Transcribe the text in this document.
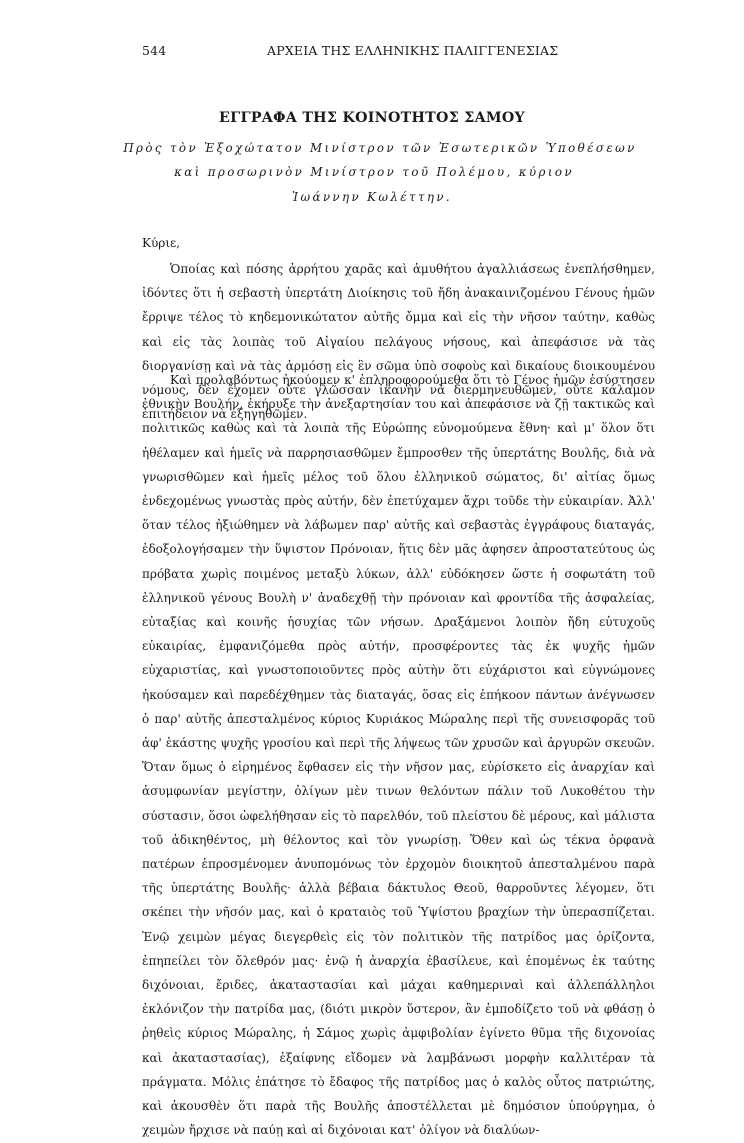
544	ΑΡΧΕΙΑ ΤΗΣ ΕΛΛΗΝΙΚΗΣ ΠΑΛΙΓΓΕΝΕΣΙΑΣ
ΕΓΓΡΑΦΑ ΤΗΣ ΚΟΙΝΟΤΗΤΟΣ ΣΑΜΟΥ
Πρὸς τὸν Ἐξοχώτατον Μινίστρον τῶν Ἐσωτερικῶν Ὑποθέσεων
καὶ προσωρινὸν Μινίστρον τοῦ Πολέμου, κύριον
Ἰωάννην Κωλέττην.
Κύριε,

Ὁποίας καὶ πόσης ἀρρήτου χαρᾶς καὶ ἀμυθήτου ἀγαλλιάσεως ἐνεπλήσθημεν, ἰδόντες ὅτι ἡ σεβαστὴ ὑπερτάτη Διοίκησις τοῦ ἤδη ἀνακαινιζομένου Γένους ἡμῶν ἔρριψε τέλος τὸ κηδεμονικώτατον αὐτῆς ὄμμα καὶ εἰς τὴν νῆσον ταύτην, καθὼς καὶ εἰς τὰς λοιπὰς τοῦ Αἰγαίου πελάγους νήσους, καὶ ἀπεφάσισε νὰ τὰς διοργανίσῃ καὶ νὰ τὰς ἁρμόσῃ εἰς ἓν σῶμα ὑπὸ σοφοὺς καὶ δικαίους διοικουμένου νόμους, δὲν ἔχομεν οὔτε γλῶσσαν ἱκανὴν νὰ διερμηνευθῶμεν, οὔτε κάλαμον ἐπιτήδειον νὰ ἐξηγηθῶμεν.

Καὶ προλαβόντως ἠκούομεν κ' ἐπληροφορούμεθα ὅτι τὸ Γένος ἡμῶν ἐσύστησεν ἐθνικὴν Βουλήν, ἐκήρυξε τὴν ἀνεξαρτησίαν του καὶ ἀπεφάσισε νὰ ζῇ τακτικῶς καὶ πολιτικῶς καθὼς καὶ τὰ λοιπὰ τῆς Εὐρώπης εὐνομούμενα ἔθνη· καὶ μ' ὅλον ὅτι ἠθέλαμεν καὶ ἡμεῖς νὰ παρρησιασθῶμεν ἔμπροσθεν τῆς ὑπερτάτης Βουλῆς, διὰ νὰ γνωρισθῶμεν καὶ ἡμεῖς μέλος τοῦ ὅλου ἑλληνικοῦ σώματος, δι' αἰτίας ὅμως ἐνδεχομένως γνωστὰς πρὸς αὐτήν, δὲν ἐπετύχαμεν ἄχρι τοῦδε τὴν εὐκαιρίαν. Ἀλλ' ὅταν τέλος ἠξιώθημεν νὰ λάβωμεν παρ' αὐτῆς καὶ σεβαστὰς ἐγγράφους διαταγάς, ἐδοξολογήσαμεν τὴν ὕψιστον Πρόνοιαν, ἥτις δὲν μᾶς ἀφησεν ἀπροστατεύτους ὡς πρόβατα χωρὶς ποιμένος μεταξὺ λύκων, ἀλλ' εὐδόκησεν ὥστε ἡ σοφωτάτη τοῦ ἑλληνικοῦ γένους Βουλὴ ν' ἀναδεχθῇ τὴν πρόνοιαν καὶ φροντίδα τῆς ἀσφαλείας, εὐταξίας καὶ κοινῆς ἡσυχίας τῶν νήσων. Δραξάμενοι λοιπὸν ἤδη εὐτυχοῦς εὐκαιρίας, ἐμφανιζόμεθα πρὸς αὐτήν, προσφέροντες τὰς ἐκ ψυχῆς ἡμῶν εὐχαριστίας, καὶ γνωστοποιοῦντες πρὸς αὐτὴν ὅτι εὐχάριστοι καὶ εὐγνώμονες ἠκούσαμεν καὶ παρεδέχθημεν τὰς διαταγάς, ὅσας εἰς ἐπήκοον πάντων ἀνέγνωσεν ὁ παρ' αὐτῆς ἀπεσταλμένος κύριος Κυριάκος Μώραλης περὶ τῆς συνεισφορᾶς τοῦ ἀφ' ἑκάστης ψυχῆς γροσίου καὶ περὶ τῆς λήψεως τῶν χρυσῶν καὶ ἀργυρῶν σκευῶν. Ὅταν ὅμως ὁ εἰρημένος ἔφθασεν εἰς τὴν νῆσον μας, εὑρίσκετο εἰς ἀναρχίαν καὶ ἀσυμφωνίαν μεγίστην, ὀλίγων μὲν τινων θελόντων πάλιν τοῦ Λυκοθέτου τὴν σύστασιν, ὅσοι ὠφελήθησαν εἰς τὸ παρελθόν, τοῦ πλείστου δὲ μέρους, καὶ μάλιστα τοῦ ἀδικηθέντος, μὴ θέλοντος καὶ τὸν γνωρίσῃ. Ὅθεν καὶ ὡς τέκνα ὀρφανὰ πατέρων ἐπροσμένομεν ἀνυπομόνως τὸν ἐρχομὸν διοικητοῦ ἀπεσταλμένου παρὰ τῆς ὑπερτάτης Βουλῆς· ἀλλὰ βέβαια δάκτυλος Θεοῦ, θαρροῦντες λέγομεν, ὅτι σκέπει τὴν νῆσόν μας, καὶ ὁ κραταιὸς τοῦ Ὑψίστου βραχίων τὴν ὑπερασπίζεται. Ἐνῷ χειμὼν μέγας διεγερθεὶς εἰς τὸν πολιτικὸν τῆς πατρίδος μας ὁρίζοντα, ἐπηπείλει τὸν ὄλεθρόν μας· ἐνῷ ἡ ἀναρχία ἐβασίλευε, καὶ ἐπομένως ἐκ ταύτης διχόνοιαι, ἔριδες, ἀκαταστασίαι καὶ μάχαι καθημεριναὶ καὶ ἀλλεπάλληλοι ἐκλόνιζον τὴν πατρίδα μας, (διότι μικρὸν ὕστερον, ἂν ἐμποδίζετο τοῦ νὰ φθάσῃ ὁ ῥηθεὶς κύριος Μώραλης, ἡ Σάμος χωρὶς ἀμφιβολίαν ἐγίνετο θῦμα τῆς διχονοίας καὶ ἀκαταστασίας), ἐξαίφνης εἴδομεν νὰ λαμβάνωσι μορφὴν καλλιτέραν τὰ πράγματα. Μόλις ἐπάτησε τὸ ἔδαφος τῆς πατρίδος μας ὁ καλὸς οὗτος πατριώτης, καὶ ἀκουσθὲν ὅτι παρὰ τῆς Βουλῆς ἀποστέλλεται μὲ δημόσιον ὑπούργημα, ὁ χειμὼν ἤρχισε νὰ παύῃ καὶ αἱ διχόνοιαι κατ' ὀλίγον νὰ διαλύων-
